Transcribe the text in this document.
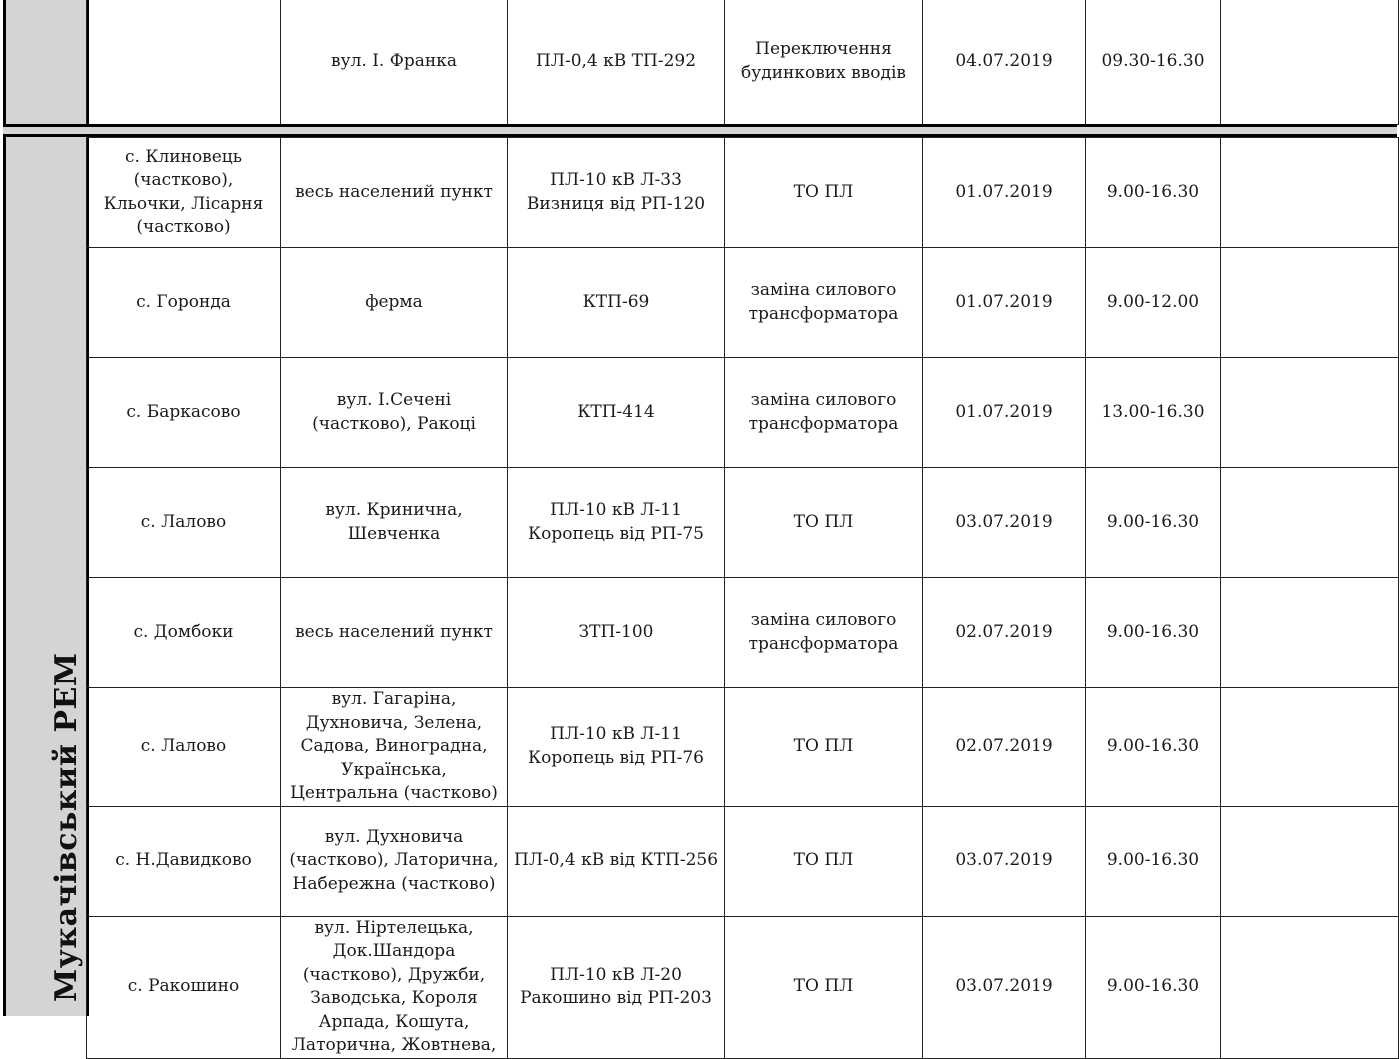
	вул. І. Франка	ПЛ-0,4 кВ ТП-292	Переключення будинкових вводів	04.07.2019	09.30-16.30	
Мукачівський РЕМ
с. Клиновець (частково), Кльочки, Лісарня (частково)	весь населений пункт	ПЛ-10 кВ Л-33 Визниця від РП-120	ТО ПЛ	01.07.2019	9.00-16.30	
с. Горонда	ферма	КТП-69	заміна силового трансформатора	01.07.2019	9.00-12.00	
с. Баркасово	вул. І.Сечені (частково), Ракоці	КТП-414	заміна силового трансформатора	01.07.2019	13.00-16.30	
с. Лалово	вул. Кринична, Шевченка	ПЛ-10 кВ Л-11 Коропець від РП-75	ТО ПЛ	03.07.2019	9.00-16.30	
с. Домбоки	весь населений пункт	ЗТП-100	заміна силового трансформатора	02.07.2019	9.00-16.30	
с. Лалово	вул. Гагаріна, Духновича, Зелена, Садова, Виноградна, Українська, Центральна (частково)	ПЛ-10 кВ Л-11 Коропець від РП-76	ТО ПЛ	02.07.2019	9.00-16.30	
с. Н.Давидково	вул. Духновича (частково), Латорична, Набережна (частково)	ПЛ-0,4 кВ від КТП-256	ТО ПЛ	03.07.2019	9.00-16.30	
с. Ракошино	вул. Ніртелецька, Док.Шандора (частково), Дружби, Заводська, Короля Арпада, Кошута, Латорична, Жовтнева,	ПЛ-10 кВ Л-20 Ракошино від РП-203	ТО ПЛ	03.07.2019	9.00-16.30	
